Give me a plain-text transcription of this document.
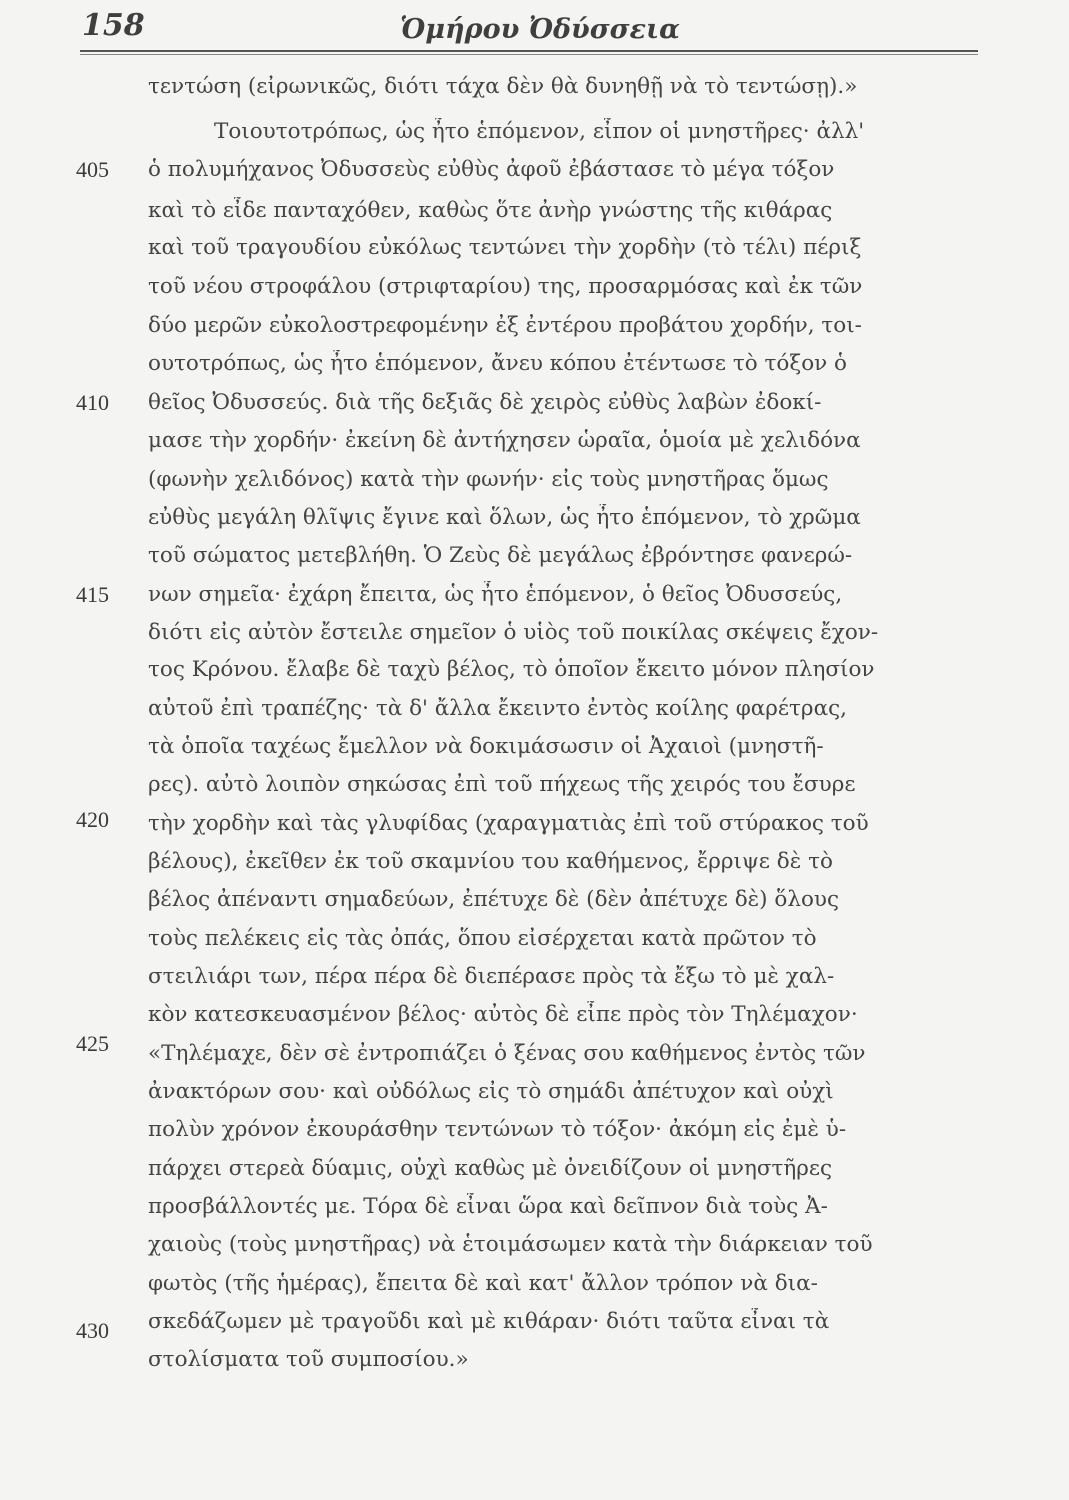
158	Ὁμήρου Ὀδύσσεια
τεντώση (εἰρωνικῶς, διότι τάχα δὲν θὰ δυνηθῇ νὰ τὸ τεντώσῃ).»
Τοιουτοτρόπως, ὡς ἦτο ἑπόμενον, εἶπον οἱ μνηστῆρες· ἀλλ'
ὁ πολυμήχανος Ὀδυσσεὺς εὐθὺς ἀφοῦ ἐβάστασε τὸ μέγα τόξον
καὶ τὸ εἶδε πανταχόθεν, καθὼς ὅτε ἀνὴρ γνώστης τῆς κιθάρας
καὶ τοῦ τραγουδίου εὐκόλως τεντώνει τὴν χορδὴν (τὸ τέλι) πέριξ
τοῦ νέου στροφάλου (στριφταρίου) της, προσαρμόσας καὶ ἐκ τῶν
δύο μερῶν εὐκολοστρεφομένην ἐξ ἐντέρου προβάτου χορδήν, τοι-
ουτοτρόπως, ὡς ἦτο ἑπόμενον, ἄνευ κόπου ἐτέντωσε τὸ τόξον ὁ
θεῖος Ὀδυσσεύς. διὰ τῆς δεξιᾶς δὲ χειρὸς εὐθὺς λαβὼν ἐδοκί-
μασε τὴν χορδήν· ἐκείνη δὲ ἀντήχησεν ὡραῖα, ὁμοία μὲ χελιδόνα
(φωνὴν χελιδόνος) κατὰ τὴν φωνήν· εἰς τοὺς μνηστῆρας ὅμως
εὐθὺς μεγάλη θλῖψις ἔγινε καὶ ὅλων, ὡς ἦτο ἑπόμενον, τὸ χρῶμα
τοῦ σώματος μετεβλήθη. Ὁ Ζεὺς δὲ μεγάλως ἐβρόντησε φανερώ-
νων σημεῖα· ἐχάρη ἔπειτα, ὡς ἦτο ἑπόμενον, ὁ θεῖος Ὀδυσσεύς,
διότι εἰς αὐτὸν ἔστειλε σημεῖον ὁ υἱὸς τοῦ ποικίλας σκέψεις ἔχον-
τος Κρόνου. ἔλαβε δὲ ταχὺ βέλος, τὸ ὁποῖον ἔκειτο μόνον πλησίον
αὐτοῦ ἐπὶ τραπέζης· τὰ δ' ἄλλα ἔκειντο ἐντὸς κοίλης φαρέτρας,
τὰ ὁποῖα ταχέως ἔμελλον νὰ δοκιμάσωσιν οἱ Ἀχαιοὶ (μνηστῆ-
ρες). αὐτὸ λοιπὸν σηκώσας ἐπὶ τοῦ πήχεως τῆς χειρός του ἔσυρε
τὴν χορδὴν καὶ τὰς γλυφίδας (χαραγματιὰς ἐπὶ τοῦ στύρακος τοῦ
βέλους), ἐκεῖθεν ἐκ τοῦ σκαμνίου του καθήμενος, ἔρριψε δὲ τὸ
βέλος ἀπέναντι σημαδεύων, ἐπέτυχε δὲ (δὲν ἀπέτυχε δὲ) ὅλους
τοὺς πελέκεις εἰς τὰς ὀπάς, ὅπου εἰσέρχεται κατὰ πρῶτον τὸ
στειλιάρι των, πέρα πέρα δὲ διεπέρασε πρὸς τὰ ἔξω τὸ μὲ χαλ-
κὸν κατεσκευασμένον βέλος· αὐτὸς δὲ εἶπε πρὸς τὸν Τηλέμαχον·
«Τηλέμαχε, δὲν σὲ ἐντροπιάζει ὁ ξένας σου καθήμενος ἐντὸς τῶν
ἀνακτόρων σου· καὶ οὐδόλως εἰς τὸ σημάδι ἀπέτυχον καὶ οὐχὶ
πολὺν χρόνον ἐκουράσθην τεντώνων τὸ τόξον· ἀκόμη εἰς ἐμὲ ὑ-
πάρχει στερεὰ δύαμις, οὐχὶ καθὼς μὲ ὀνειδίζουν οἱ μνηστῆρες
προσβάλλοντές με. Τόρα δὲ εἶναι ὥρα καὶ δεῖπνον διὰ τοὺς Ἀ-
χαιοὺς (τοὺς μνηστῆρας) νὰ ἑτοιμάσωμεν κατὰ τὴν διάρκειαν τοῦ
φωτὸς (τῆς ἡμέρας), ἔπειτα δὲ καὶ κατ' ἄλλον τρόπον νὰ δια-
σκεδάζωμεν μὲ τραγοῦδι καὶ μὲ κιθάραν· διότι ταῦτα εἶναι τὰ
στολίσματα τοῦ συμποσίου.»
405
410
415
420
425
430
